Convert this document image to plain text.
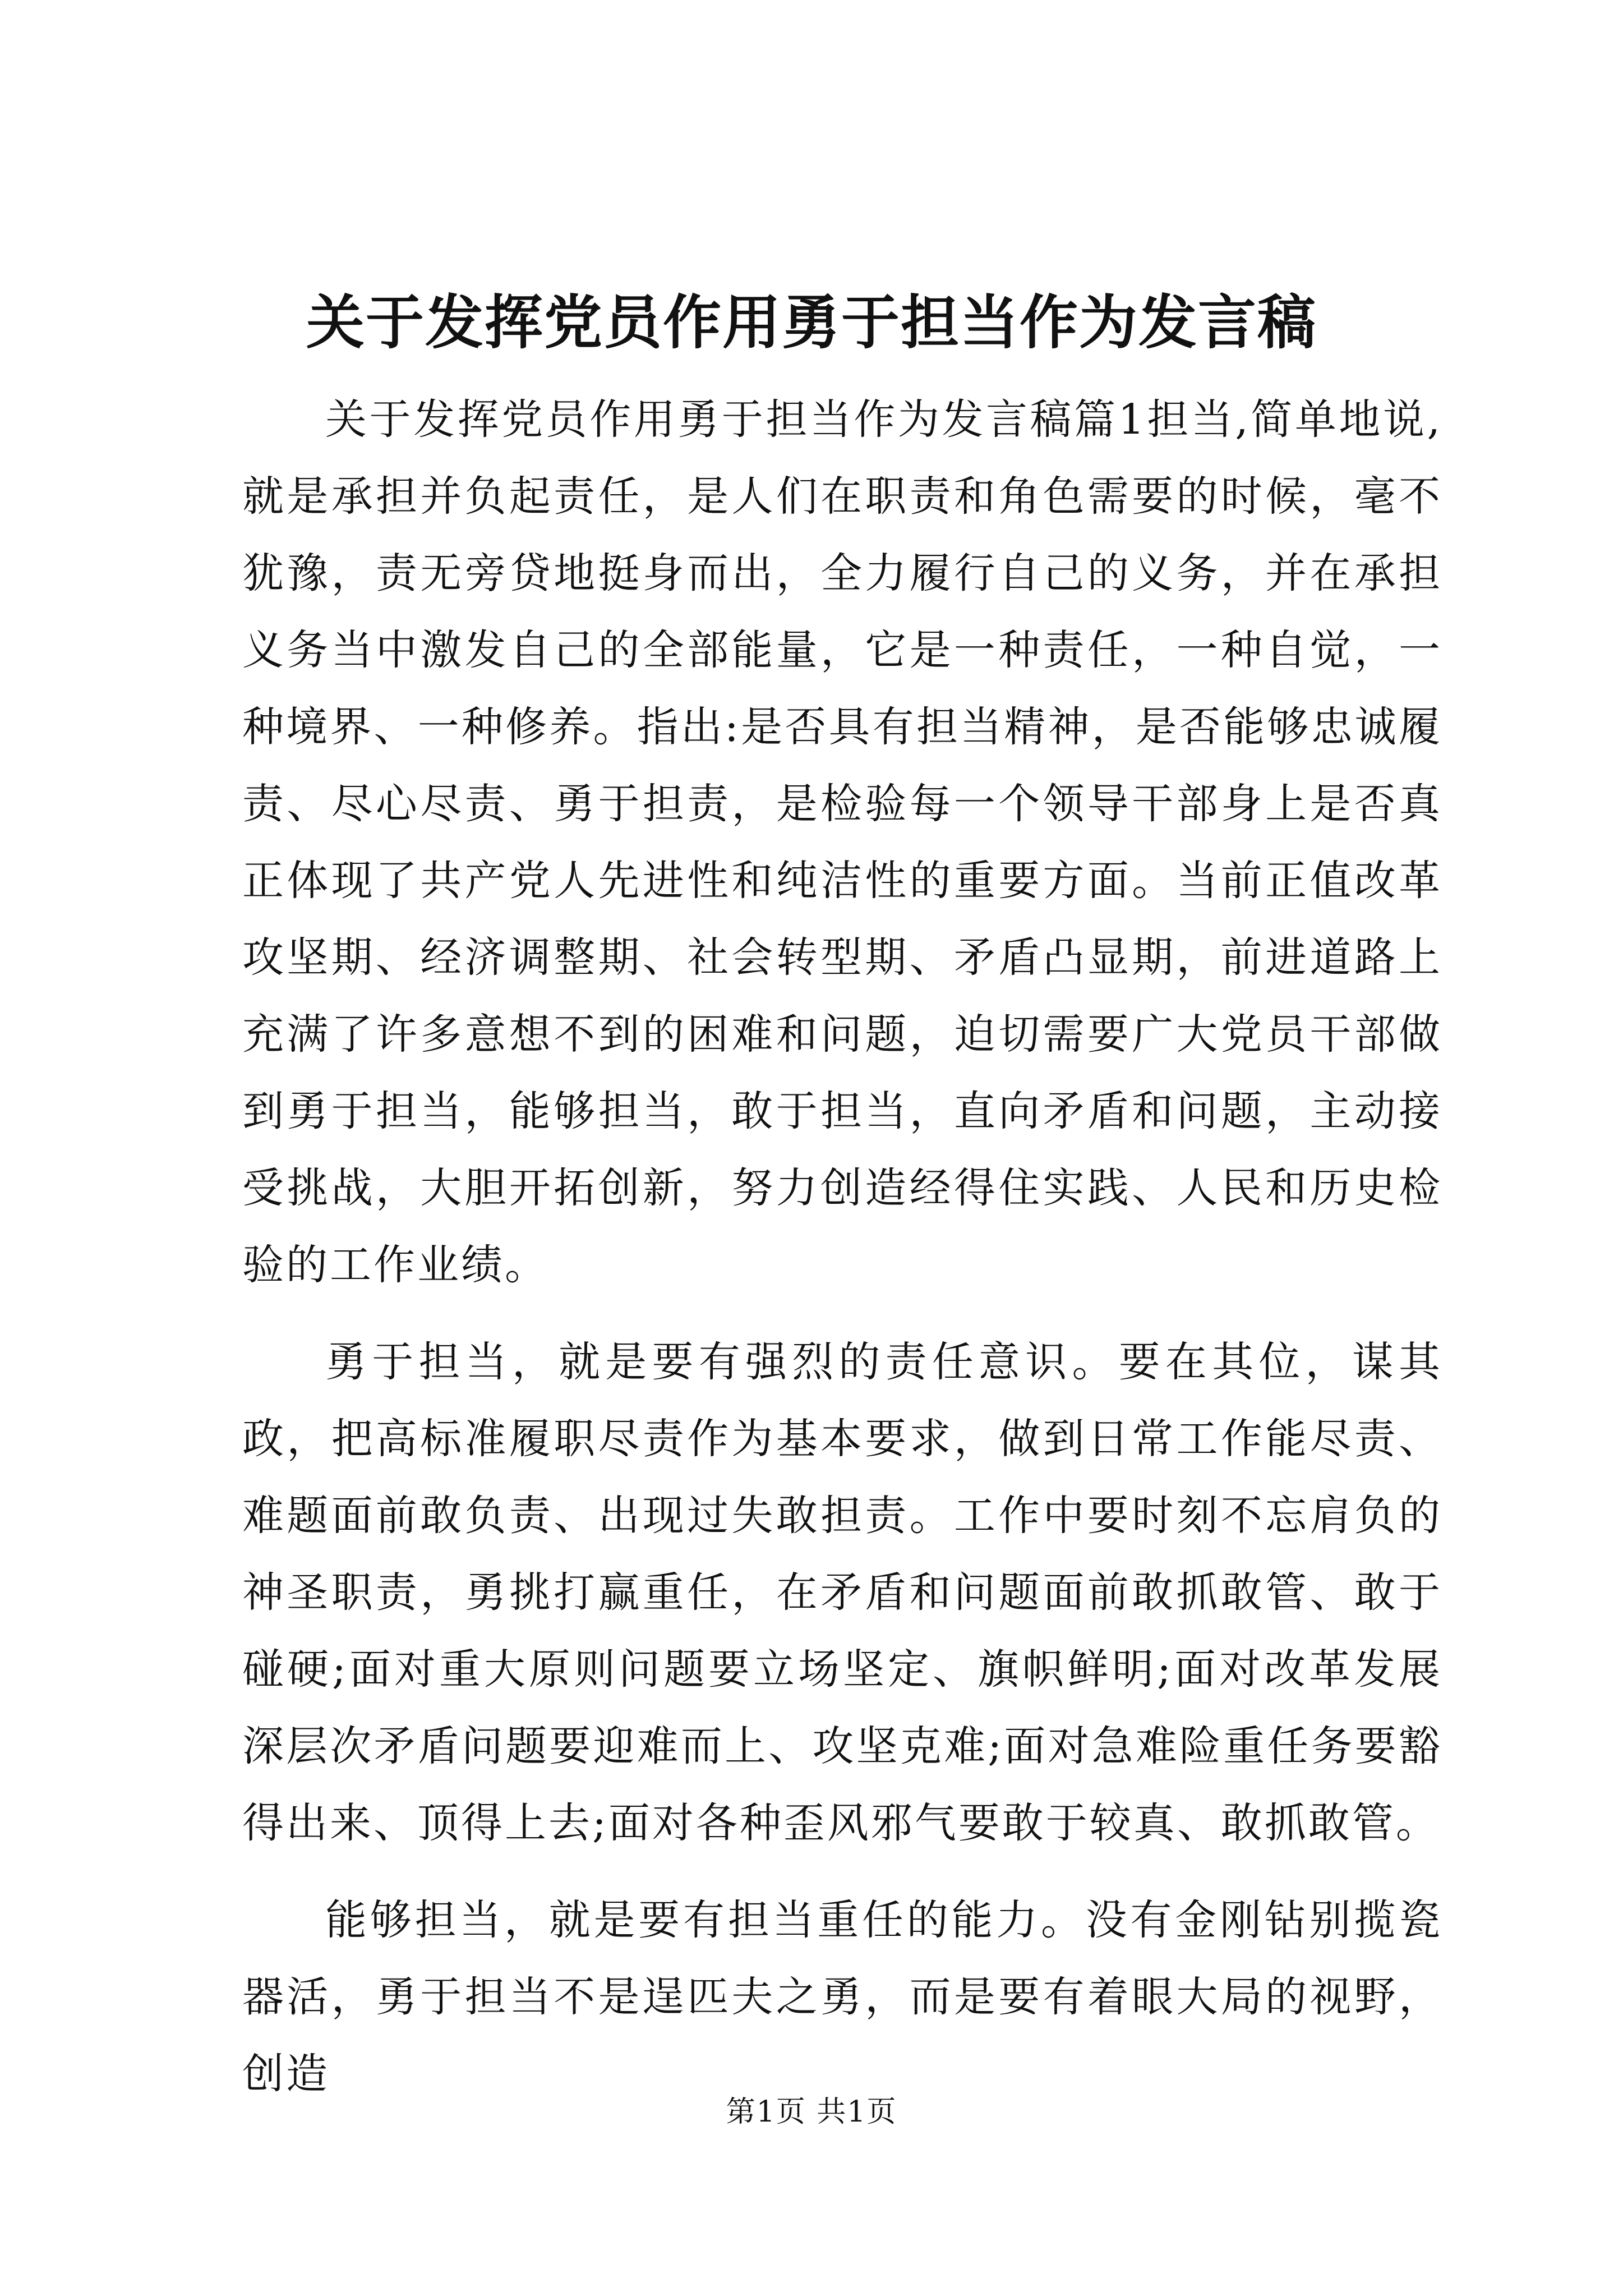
关于发挥党员作用勇于担当作为发言稿

关于发挥党员作用勇于担当作为发言稿篇1担当,简单地说,就是承担并负起责任，是人们在职责和角色需要的时候，毫不犹豫，责无旁贷地挺身而出，全力履行自己的义务，并在承担义务当中激发自己的全部能量，它是一种责任，一种自觉，一种境界、一种修养。指出:是否具有担当精神，是否能够忠诚履责、尽心尽责、勇于担责，是检验每一个领导干部身上是否真正体现了共产党人先进性和纯洁性的重要方面。当前正值改革攻坚期、经济调整期、社会转型期、矛盾凸显期，前进道路上充满了许多意想不到的困难和问题，迫切需要广大党员干部做到勇于担当，能够担当，敢于担当，直向矛盾和问题，主动接受挑战，大胆开拓创新，努力创造经得住实践、人民和历史检验的工作业绩。

勇于担当，就是要有强烈的责任意识。要在其位，谋其政，把高标准履职尽责作为基本要求，做到日常工作能尽责、难题面前敢负责、出现过失敢担责。工作中要时刻不忘肩负的神圣职责，勇挑打赢重任，在矛盾和问题面前敢抓敢管、敢于碰硬;面对重大原则问题要立场坚定、旗帜鲜明;面对改革发展深层次矛盾问题要迎难而上、攻坚克难;面对急难险重任务要豁得出来、顶得上去;面对各种歪风邪气要敢于较真、敢抓敢管。

能够担当，就是要有担当重任的能力。没有金刚钻别揽瓷器活，勇于担当不是逞匹夫之勇，而是要有着眼大局的视野，创造

第1页 共1页
